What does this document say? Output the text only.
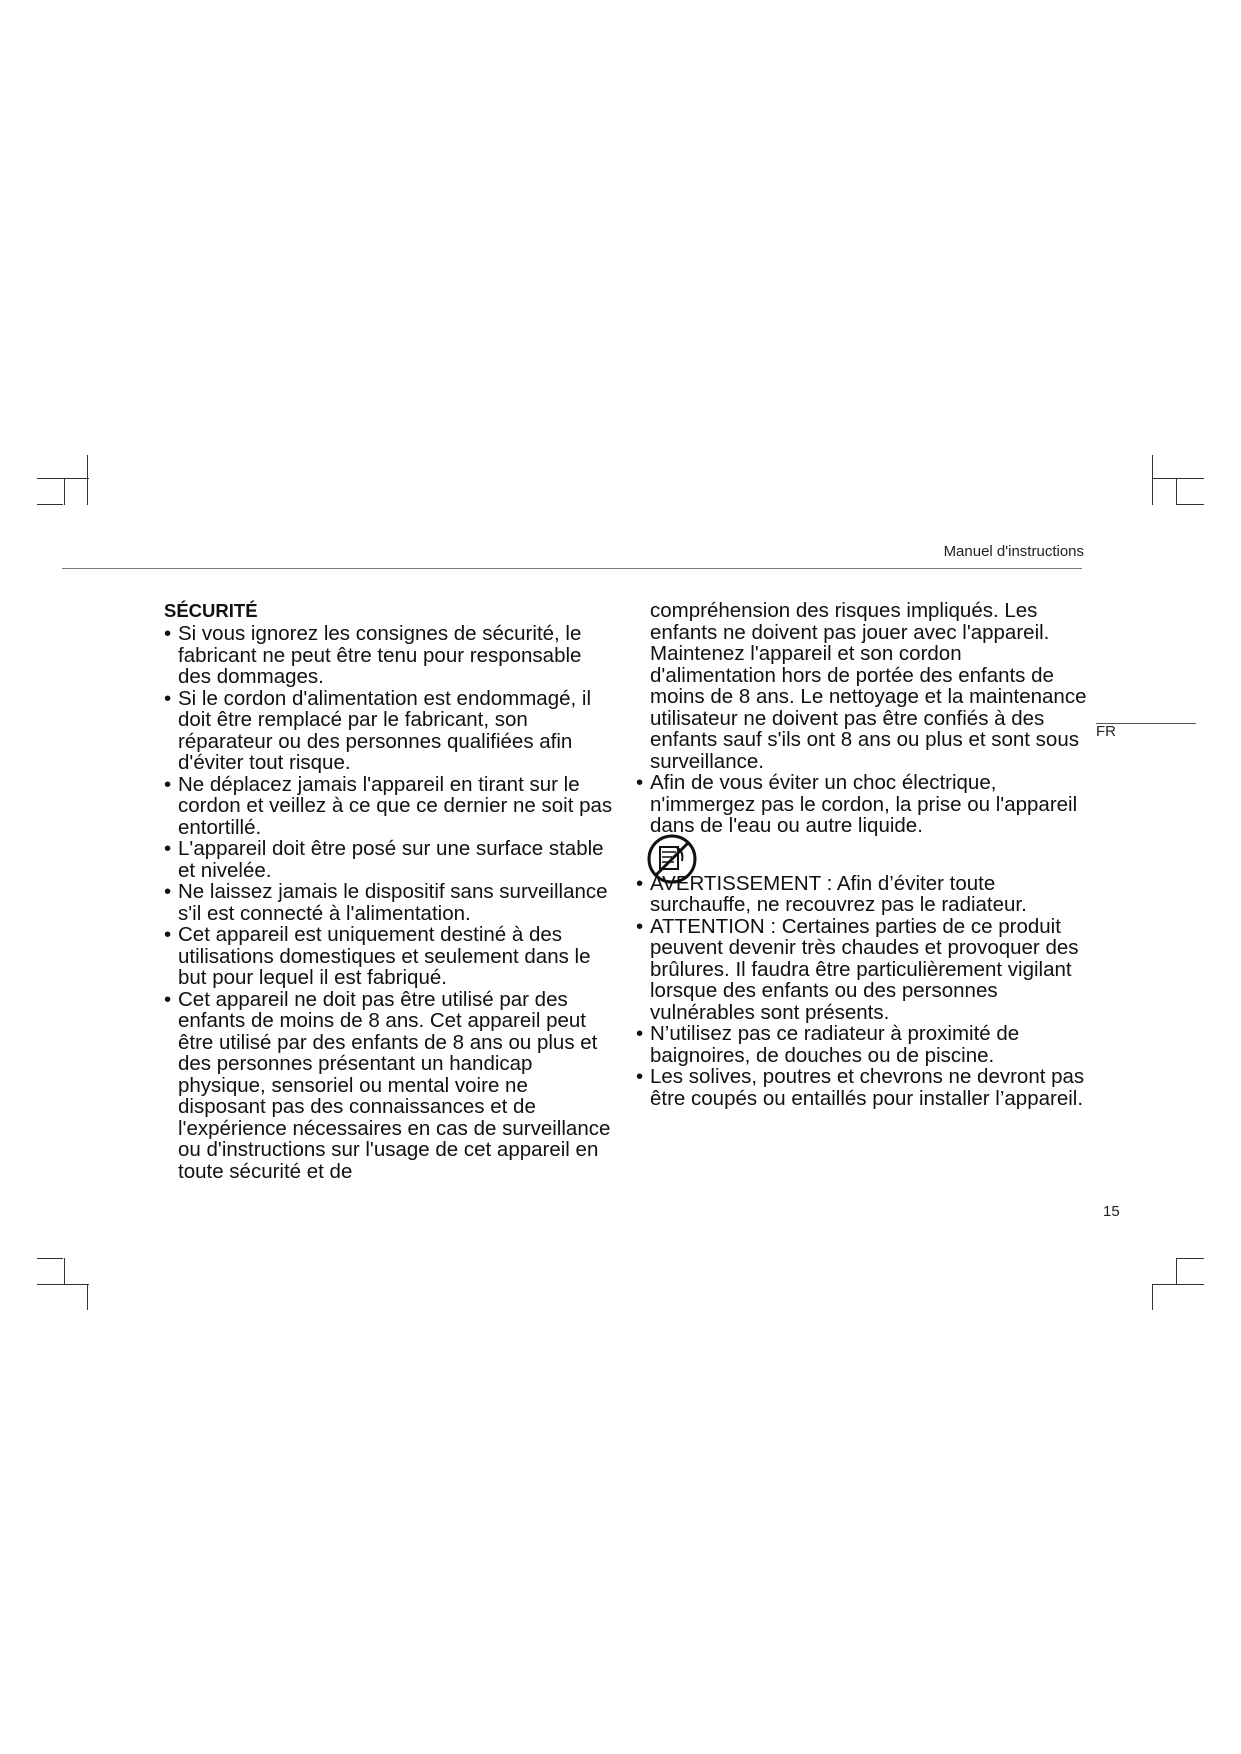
Manuel d'instructions
FR
SÉCURITÉ
• Si vous ignorez les consignes de sécurité, le fabricant ne peut être tenu pour responsable des dommages.
• Si le cordon d'alimentation est endommagé, il doit être remplacé par le fabricant, son réparateur ou des personnes qualifiées afin d'éviter tout risque.
• Ne déplacez jamais l'appareil en tirant sur le cordon et veillez à ce que ce dernier ne soit pas entortillé.
• L'appareil doit être posé sur une surface stable et nivelée.
• Ne laissez jamais le dispositif sans surveillance s'il est connecté à l'alimentation.
• Cet appareil est uniquement destiné à des utilisations domestiques et seulement dans le but pour lequel il est fabriqué.
• Cet appareil ne doit pas être utilisé par des enfants de moins de 8 ans. Cet appareil peut être utilisé par des enfants de 8 ans ou plus et des personnes présentant un handicap physique, sensoriel ou mental voire ne disposant pas des connaissances et de l'expérience nécessaires en cas de surveillance ou d'instructions sur l'usage de cet appareil en toute sécurité et de

compréhension des risques impliqués. Les enfants ne doivent pas jouer avec l'appareil. Maintenez l'appareil et son cordon d'alimentation hors de portée des enfants de moins de 8 ans. Le nettoyage et la maintenance utilisateur ne doivent pas être confiés à des enfants sauf s'ils ont 8 ans ou plus et sont sous surveillance.

• Afin de vous éviter un choc électrique, n'immergez pas le cordon, la prise ou l'appareil dans de l'eau ou autre liquide.
• AVERTISSEMENT : Afin d’éviter toute surchauffe, ne recouvrez pas le radiateur.
• ATTENTION : Certaines parties de ce produit peuvent devenir très chaudes et provoquer des brûlures. Il faudra être particulièrement vigilant lorsque des enfants ou des personnes vulnérables sont présents.
• N’utilisez pas ce radiateur à proximité de baignoires, de douches ou de piscine.
• Les solives, poutres et chevrons ne devront pas être coupés ou entaillés pour installer l’appareil.
15
